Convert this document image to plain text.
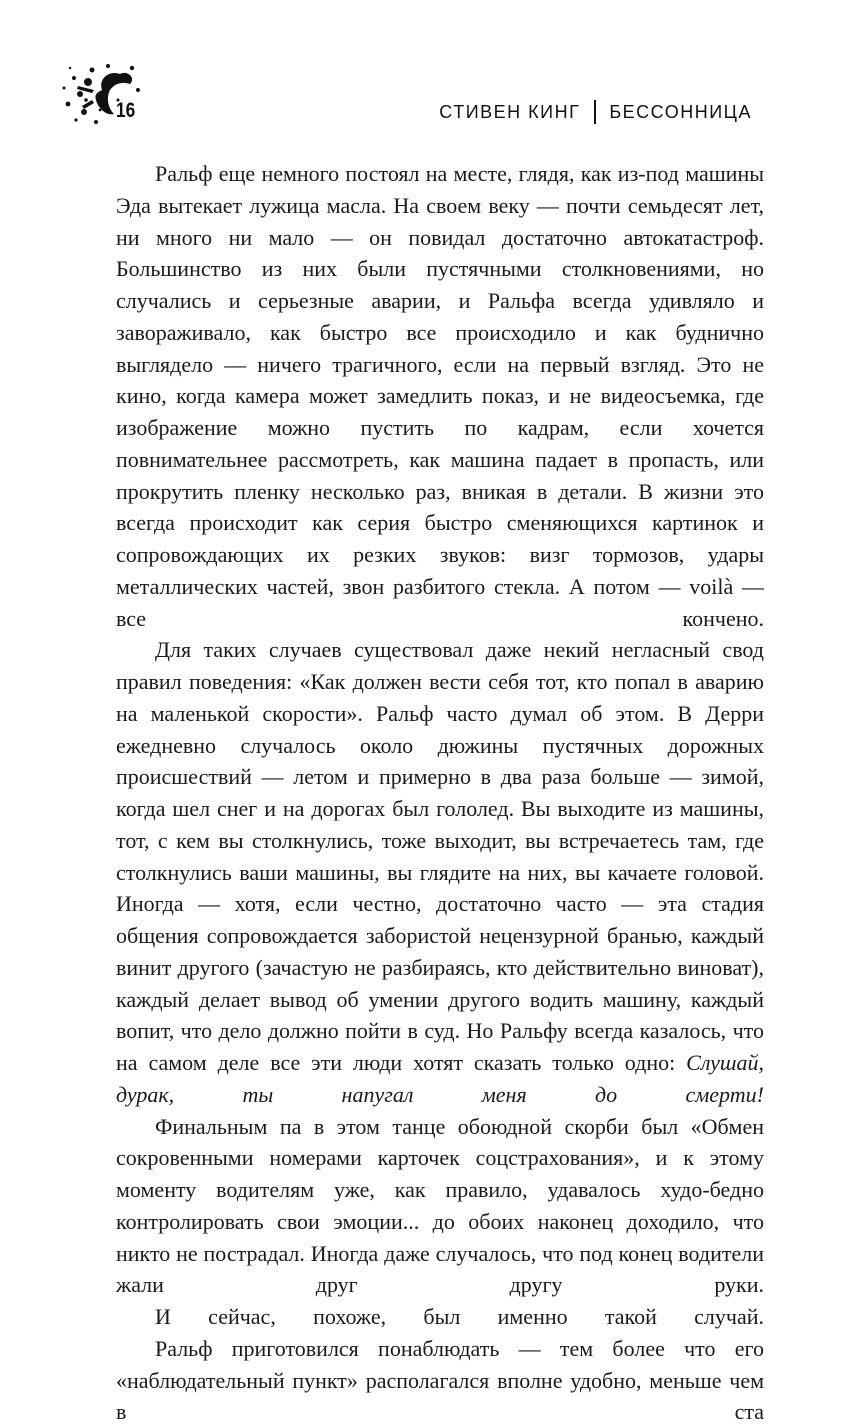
16	СТИВЕН КИНГ БЕССОННИЦА

Ральф еще немного постоял на месте, глядя, как из-под машины Эда вытекает лужица масла. На своем веку — почти семьдесят лет, ни много ни мало — он повидал достаточно автокатастроф. Большинство из них были пустячными столкновениями, но случались и серьезные аварии, и Ральфа всегда удивляло и завораживало, как быстро все происходило и как буднично выглядело — ничего трагичного, если на первый взгляд. Это не кино, когда камера может замедлить показ, и не видеосъемка, где изображение можно пустить по кадрам, если хочется повнимательнее рассмотреть, как машина падает в пропасть, или прокрутить пленку несколько раз, вникая в детали. В жизни это всегда происходит как серия быстро сменяющихся картинок и сопровождающих их резких звуков: визг тормозов, удары металлических частей, звон разбитого стекла. А потом — voilà — все кончено.

Для таких случаев существовал даже некий негласный свод правил поведения: «Как должен вести себя тот, кто попал в аварию на маленькой скорости». Ральф часто думал об этом. В Дерри ежедневно случалось около дюжины пустячных дорожных происшествий — летом и примерно в два раза больше — зимой, когда шел снег и на дорогах был гололед. Вы выходите из машины, тот, с кем вы столкнулись, тоже выходит, вы встречаетесь там, где столкнулись ваши машины, вы глядите на них, вы качаете головой. Иногда — хотя, если честно, достаточно часто — эта стадия общения сопровождается забористой нецензурной бранью, каждый винит другого (зачастую не разбираясь, кто действительно виноват), каждый делает вывод об умении другого водить машину, каждый вопит, что дело должно пойти в суд. Но Ральфу всегда казалось, что на самом деле все эти люди хотят сказать только одно: Слушай, дурак, ты напугал меня до смерти!

Финальным па в этом танце обоюдной скорби был «Обмен сокровенными номерами карточек соцстрахования», и к этому моменту водителям уже, как правило, удавалось худо-бедно контролировать свои эмоции... до обоих наконец доходило, что никто не пострадал. Иногда даже случалось, что под конец водители жали друг другу руки.

И сейчас, похоже, был именно такой случай.

Ральф приготовился понаблюдать — тем более что его «наблюдательный пункт» располагался вполне удобно, меньше чем в ста
